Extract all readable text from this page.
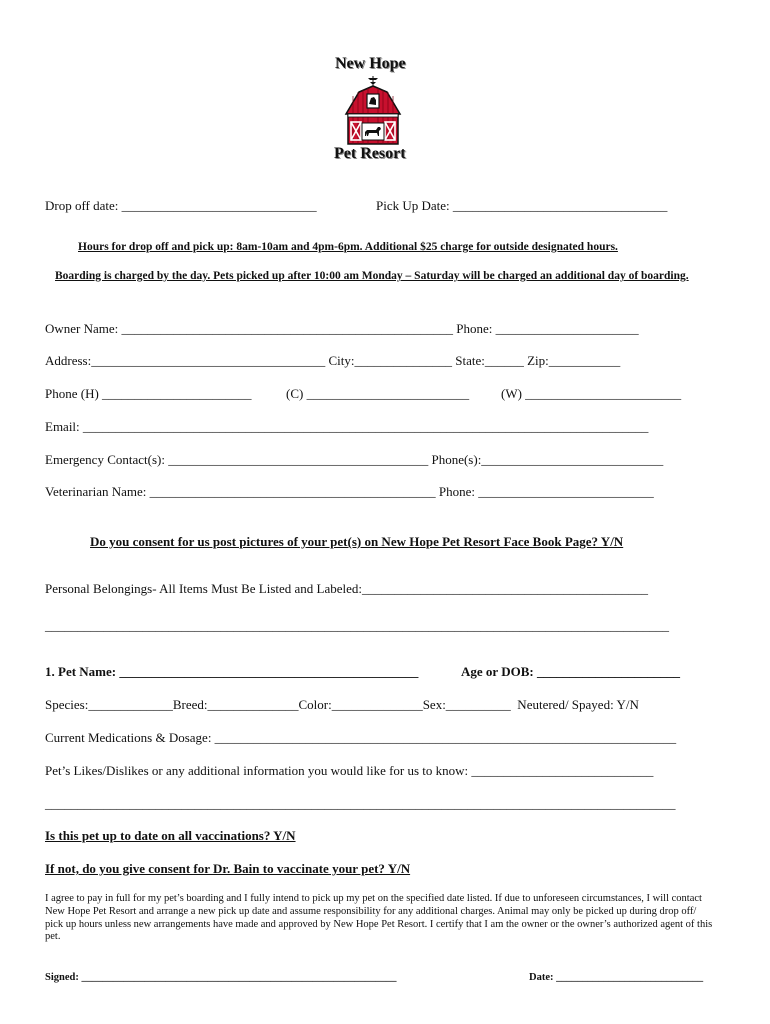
New Hope
Pet Resort
Drop off date: ______________________________	Pick Up Date: _________________________________
Hours for drop off and pick up: 8am-10am and 4pm-6pm. Additional $25 charge for outside designated hours.
Boarding is charged by the day. Pets picked up after 10:00 am Monday – Saturday will be charged an additional day of boarding.
Owner Name: ___________________________________________________ Phone: ______________________
Address:____________________________________ City:_______________ State:______ Zip:___________
Phone (H) _______________________	(C) _________________________ (W) ________________________
Email: _______________________________________________________________________________________
Emergency Contact(s): ________________________________________ Phone(s):____________________________
Veterinarian Name: ____________________________________________ Phone: ___________________________
Do you consent for us post pictures of your pet(s) on New Hope Pet Resort Face Book Page? Y/N
Personal Belongings- All Items Must Be Listed and Labeled:____________________________________________
________________________________________________________________________________________________
1. Pet Name: ______________________________________________	Age or DOB: ______________________
Species:_____________Breed:______________Color:______________Sex:__________  Neutered/ Spayed: Y/N
Current Medications & Dosage: _______________________________________________________________________
Pet’s Likes/Dislikes or any additional information you would like for us to know: ____________________________
_________________________________________________________________________________________________
Is this pet up to date on all vaccinations? Y/N
If not, do you give consent for Dr. Bain to vaccinate your pet? Y/N
I agree to pay in full for my pet’s boarding and I fully intend to pick up my pet on the specified date listed. If due to unforeseen circumstances, I will contact New Hope Pet Resort and arrange a new pick up date and assume responsibility for any additional charges. Animal may only be picked up during drop off/ pick up hours unless new arrangements have made and approved by New Hope Pet Resort. I certify that I am the owner or the owner’s authorized agent of this pet.
Signed: ____________________________________________________________	Date: ____________________________
